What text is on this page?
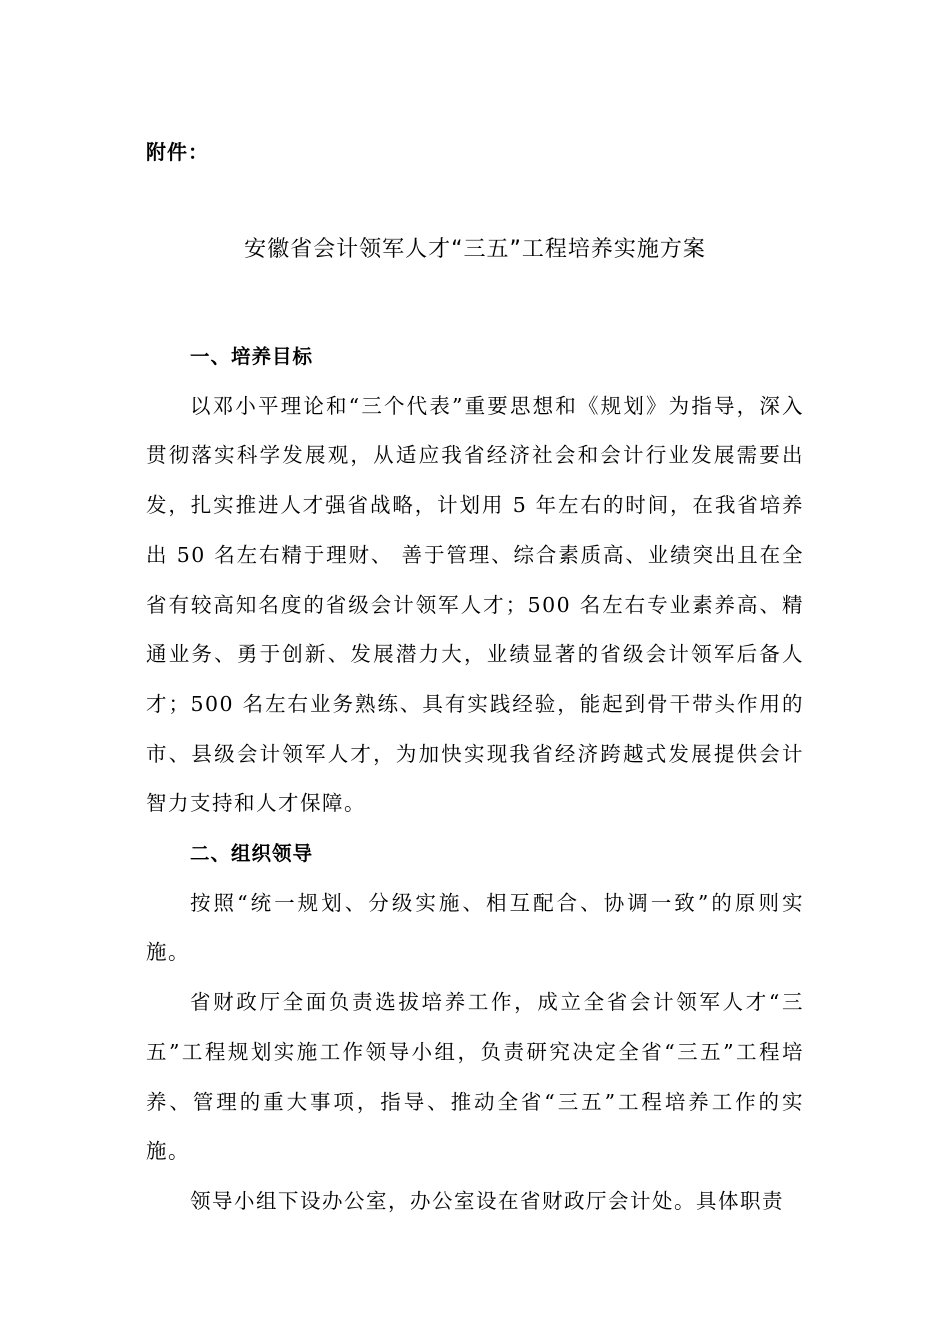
附件：
安徽省会计领军人才“三五”工程培养实施方案

一、培养目标

以邓小平理论和“三个代表”重要思想和《规划》为指导，深入贯彻落实科学发展观，从适应我省经济社会和会计行业发展需要出发，扎实推进人才强省战略，计划用 5 年左右的时间，在我省培养出 50 名左右精于理财、 善于管理、综合素质高、业绩突出且在全省有较高知名度的省级会计领军人才；500 名左右专业素养高、精通业务、勇于创新、发展潜力大，业绩显著的省级会计领军后备人才；500 名左右业务熟练、具有实践经验，能起到骨干带头作用的市、县级会计领军人才，为加快实现我省经济跨越式发展提供会计智力支持和人才保障。

二、组织领导

按照“统一规划、分级实施、相互配合、协调一致”的原则实施。

省财政厅全面负责选拔培养工作，成立全省会计领军人才“三五”工程规划实施工作领导小组，负责研究决定全省“三五”工程培养、管理的重大事项，指导、推动全省“三五”工程培养工作的实施。

领导小组下设办公室，办公室设在省财政厅会计处。具体职责
